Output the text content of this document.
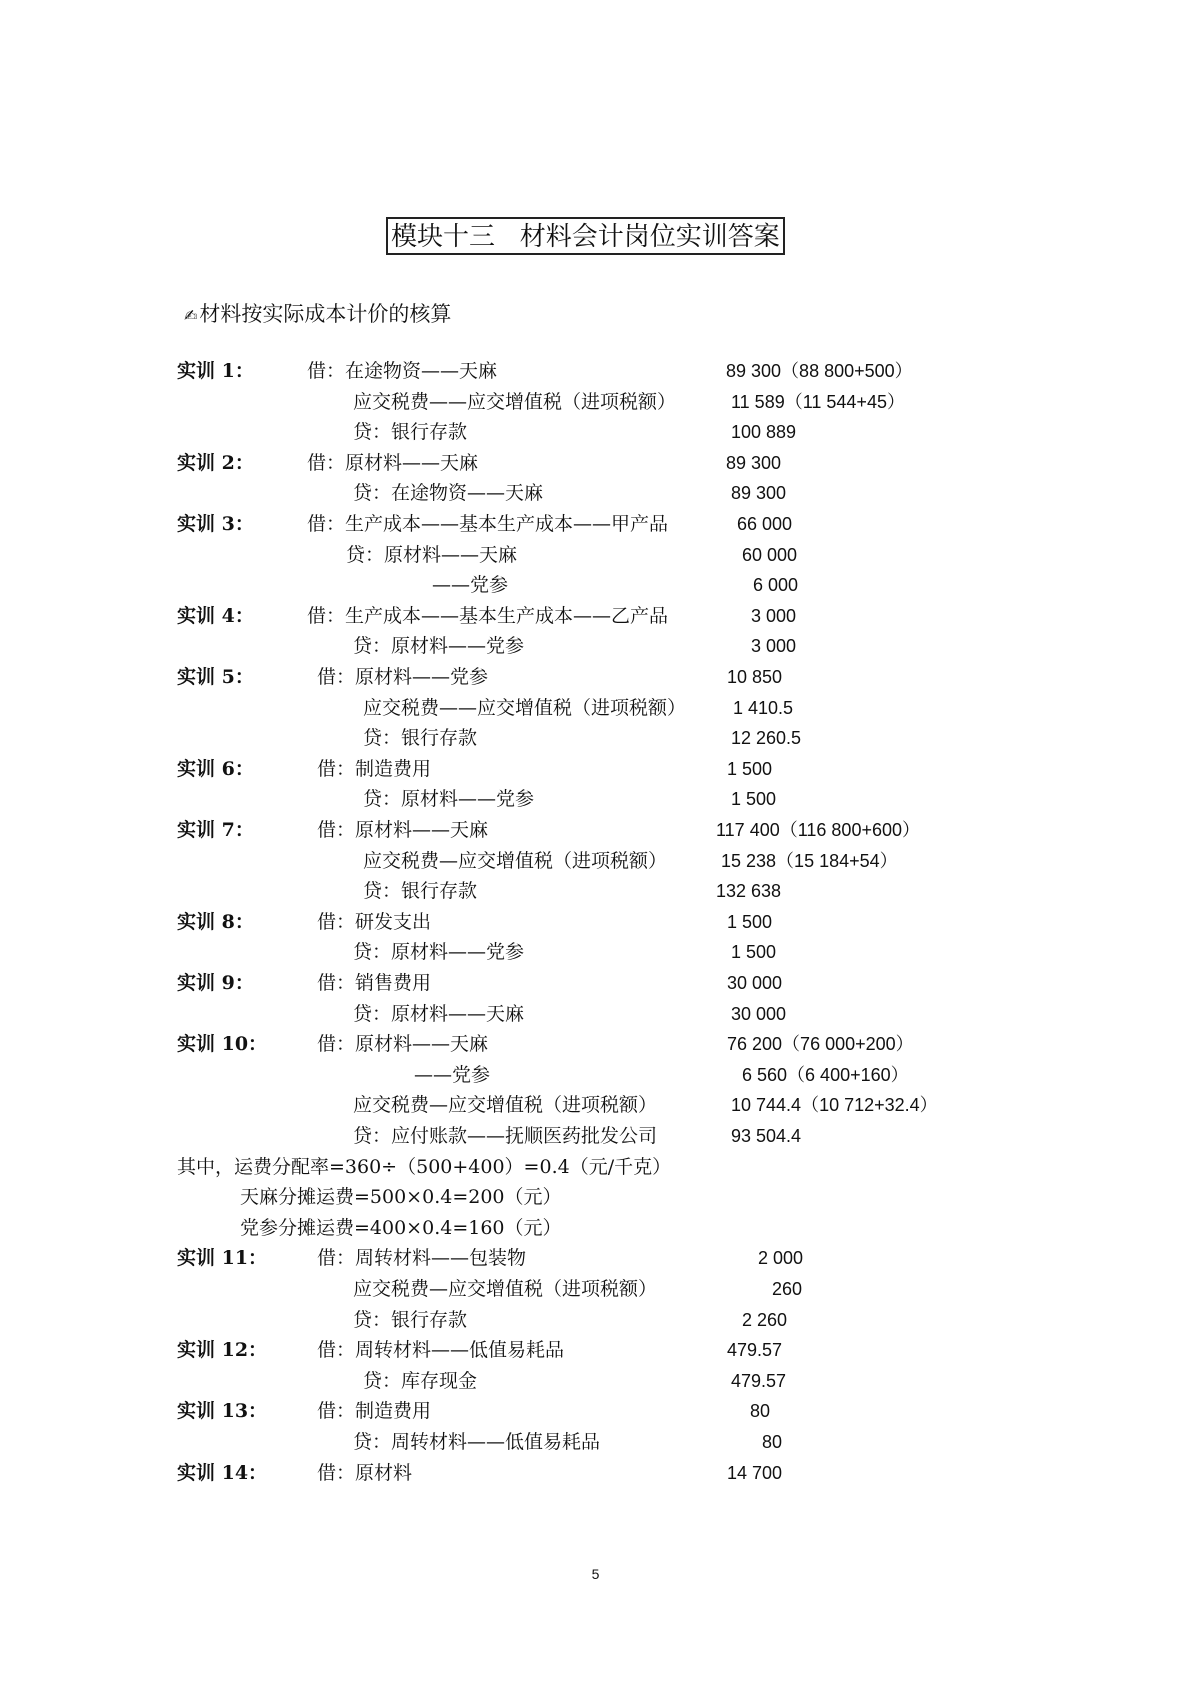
模块十三   材料会计岗位实训答案
✍材料按实际成本计价的核算
实训 1：	借：在途物资——天麻	89 300（88 800+500）
应交税费——应交增值税（进项税额）	11 589（11 544+45）
贷：银行存款	100 889
实训 2：	借：原材料——天麻	89 300
贷：在途物资——天麻	89 300
实训 3：	借：生产成本——基本生产成本——甲产品	66 000
贷：原材料——天麻	60 000
——党参	6 000
实训 4：	借：生产成本——基本生产成本——乙产品	3 000
贷：原材料——党参	3 000
实训 5：	借：原材料——党参	10 850
应交税费——应交增值税（进项税额）	1 410.5
贷：银行存款	12 260.5
实训 6：	借：制造费用	1 500
贷：原材料——党参	1 500
实训 7：	借：原材料——天麻	117 400（116 800+600）
应交税费—应交增值税（进项税额）	15 238（15 184+54）
贷：银行存款	132 638
实训 8：	借：研发支出	1 500
贷：原材料——党参	1 500
实训 9：	借：销售费用	30 000
贷：原材料——天麻	30 000
实训 10：	借：原材料——天麻	76 200（76 000+200）
——党参	6 560（6 400+160）
应交税费—应交增值税（进项税额）	10 744.4（10 712+32.4）
贷：应付账款——抚顺医药批发公司	93 504.4
其中，运费分配率=360÷（500+400）=0.4（元/千克）
天麻分摊运费=500×0.4=200（元）
党参分摊运费=400×0.4=160（元）
实训 11：	借：周转材料——包装物	2 000
应交税费—应交增值税（进项税额）	260
贷：银行存款	2 260
实训 12：	借：周转材料——低值易耗品	479.57
贷：库存现金	479.57
实训 13：	借：制造费用	80
贷：周转材料——低值易耗品	80
实训 14：	借：原材料	14 700
5
